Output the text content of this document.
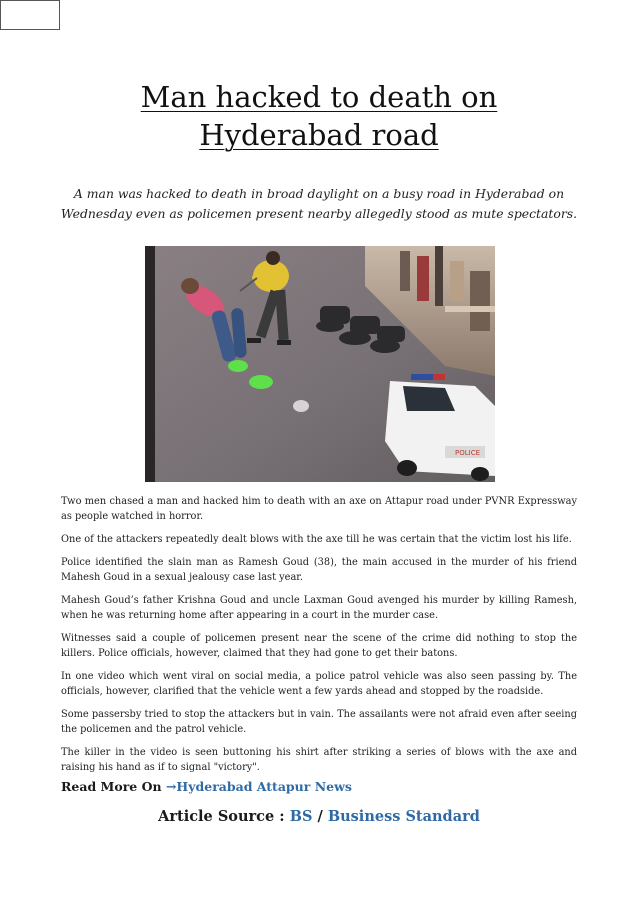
Man hacked to death on
Hyderabad road

A man was hacked to death in broad daylight on a busy road in Hyderabad on Wednesday even as policemen present nearby allegedly stood as mute spectators.

POLICE

Two men chased a man and hacked him to death with an axe on Attapur road under PVNR Expressway as people watched in horror.

One of the attackers repeatedly dealt blows with the axe till he was certain that the victim lost his life.

Police identified the slain man as Ramesh Goud (38), the main accused in the murder of his friend Mahesh Goud in a sexual jealousy case last year.

Mahesh Goud’s father Krishna Goud and uncle Laxman Goud avenged his murder by killing Ramesh, when he was returning home after appearing in a court in the murder case.

Witnesses said a couple of policemen present near the scene of the crime did nothing to stop the killers. Police officials, however, claimed that they had gone to get their batons.

In one video which went viral on social media, a police patrol vehicle was also seen passing by. The officials, however, clarified that the vehicle went a few yards ahead and stopped by the roadside.

Some passersby tried to stop the attackers but in vain. The assailants were not afraid even after seeing the policemen and the patrol vehicle.

The killer in the video is seen buttoning his shirt after striking a series of blows with the axe and raising his hand as if to signal "victory".

Read More On →Hyderabad Attapur News
Article Source : BS / Business Standard
